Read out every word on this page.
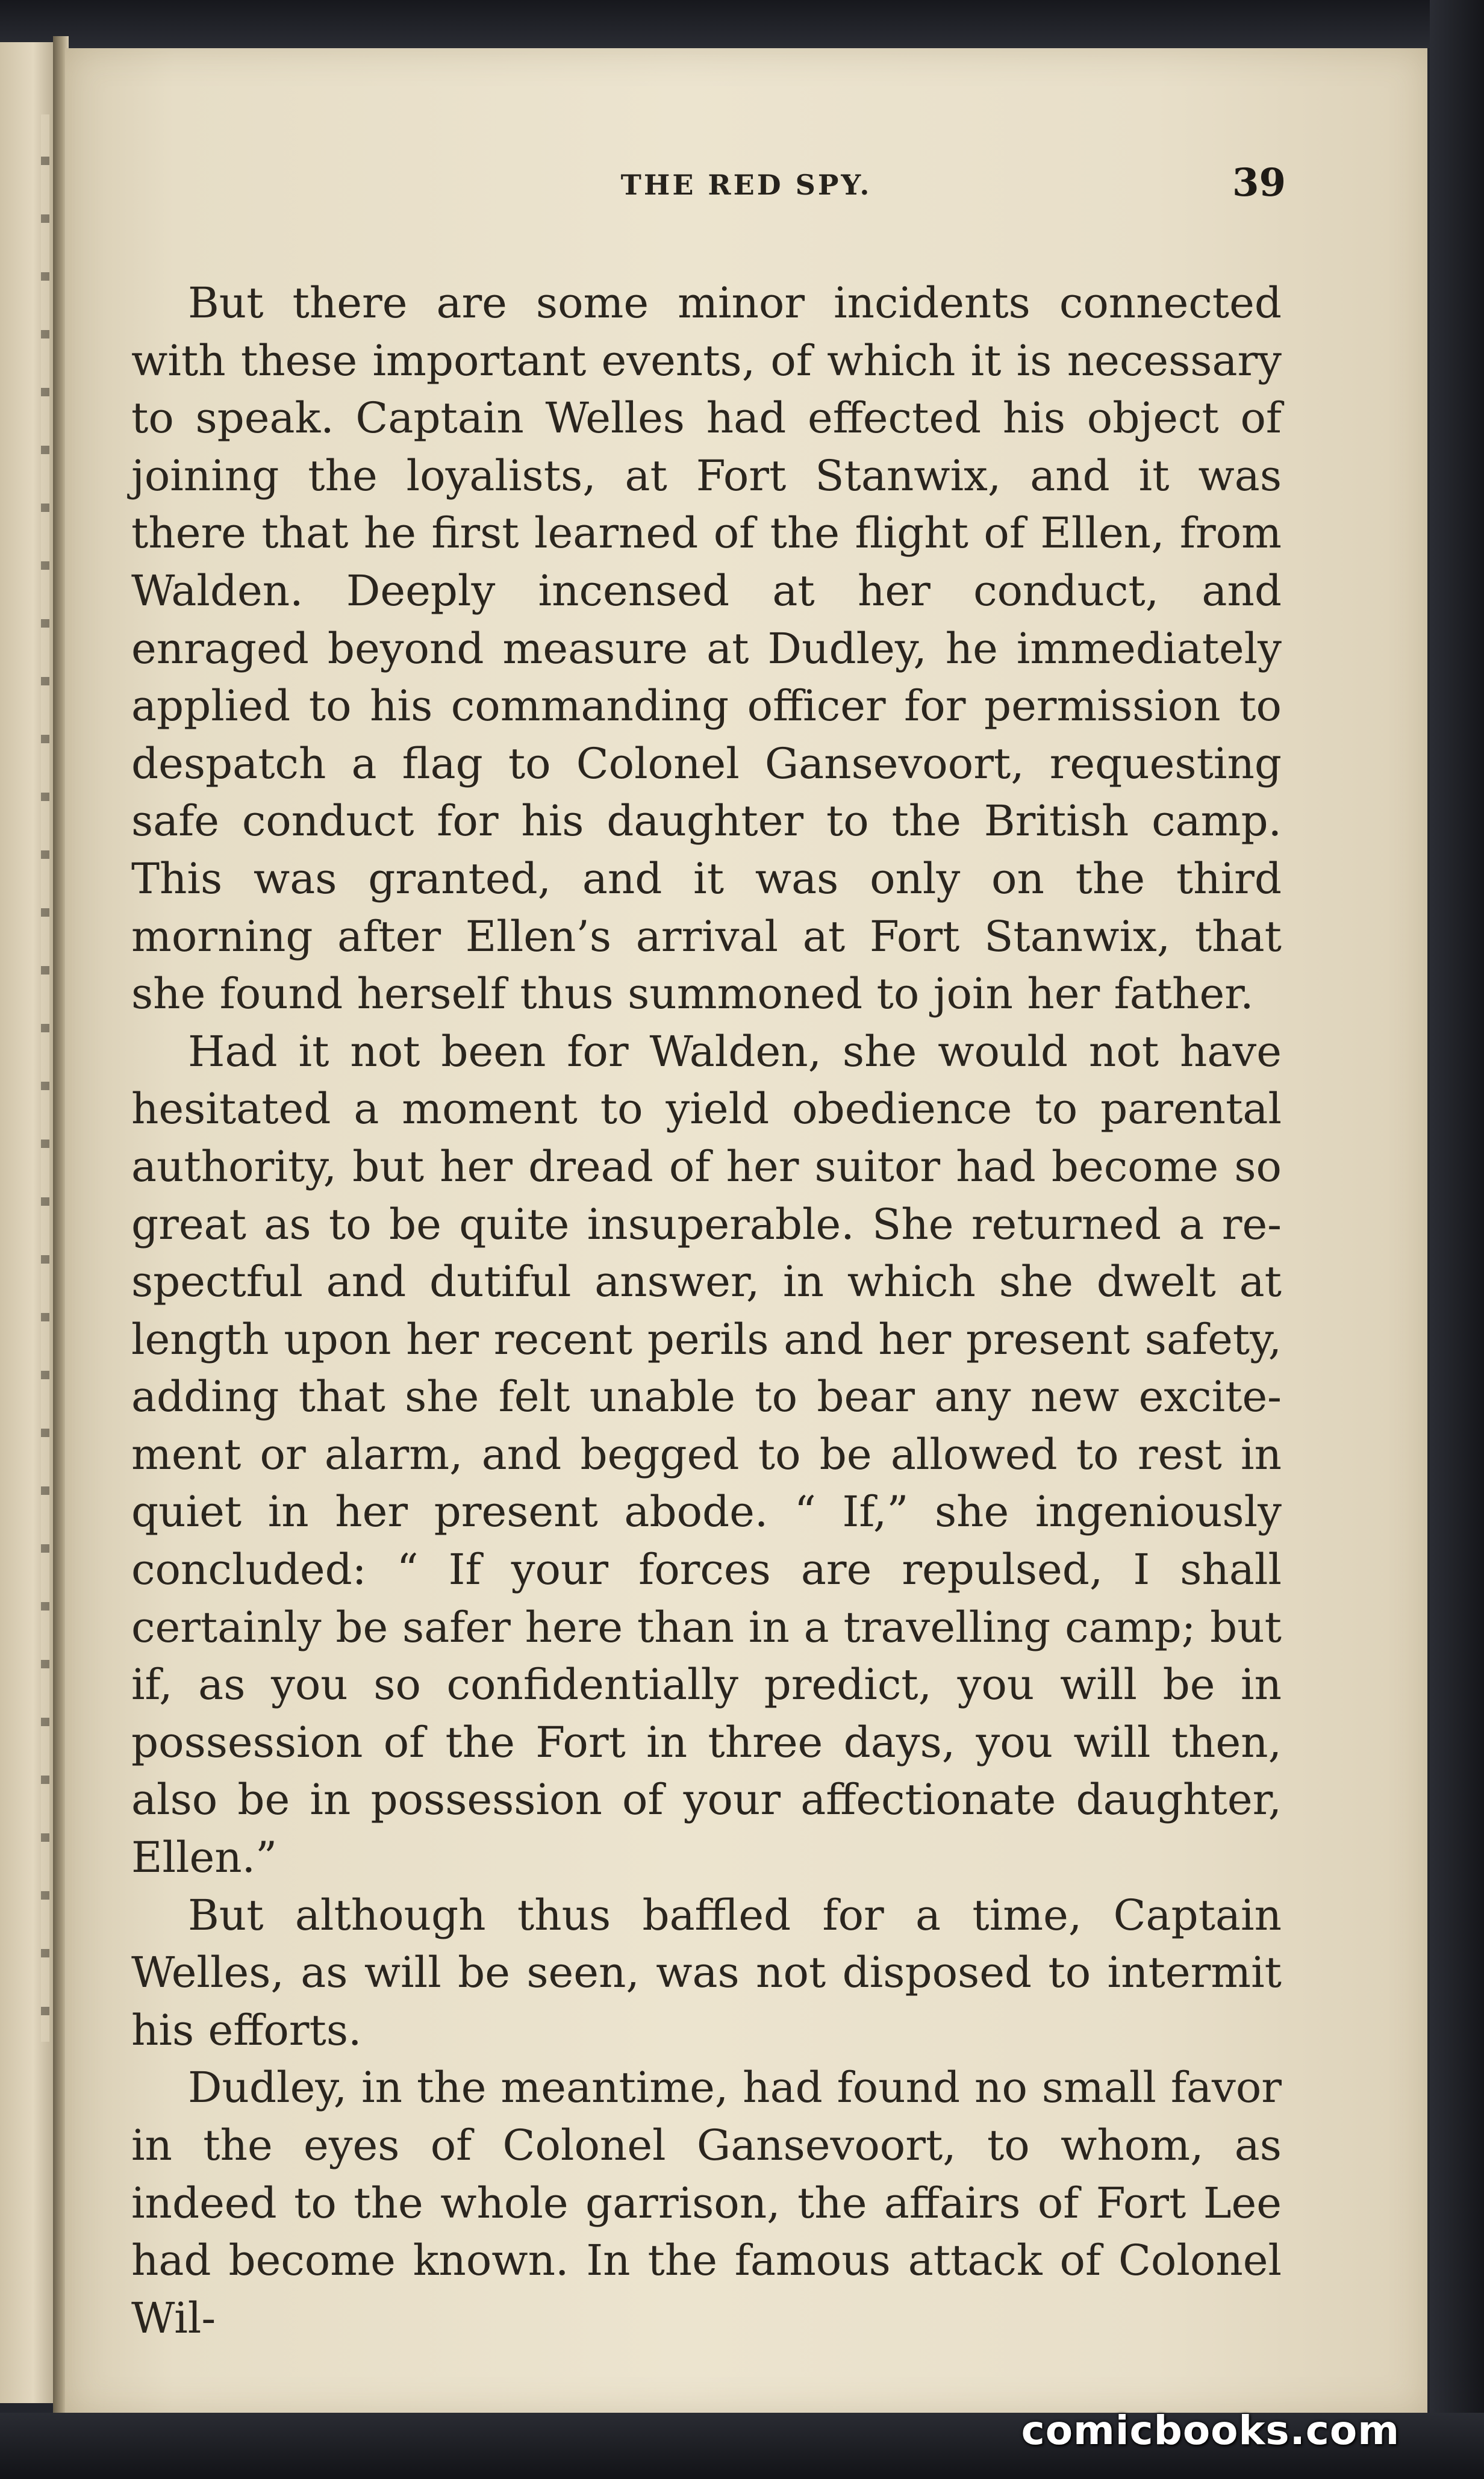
THE RED SPY.	39

But there are some minor incidents connected with these important events, of which it is necessary to speak. Captain Welles had effected his object of joining the loyalists, at Fort Stanwix, and it was there that he first learned of the flight of Ellen, from Walden. Deeply incensed at her conduct, and enraged beyond measure at Dudley, he immediately applied to his commanding officer for permission to despatch a flag to Colonel Gansevoort, requesting safe conduct for his daughter to the British camp. This was granted, and it was only on the third morning after Ellen’s arrival at Fort Stanwix, that she found herself thus summoned to join her father.

Had it not been for Walden, she would not have hesitated a moment to yield obedience to parental authority, but her dread of her suitor had become so great as to be quite insuperable. She returned a respectful and dutiful answer, in which she dwelt at length upon her recent perils and her present safety, adding that she felt unable to bear any new excitement or alarm, and begged to be allowed to rest in quiet in her present abode. “ If,” she ingeniously concluded: “ If your forces are repulsed, I shall certainly be safer here than in a travelling camp; but if, as you so confidentially predict, you will be in possession of the Fort in three days, you will then, also be in possession of your affectionate daughter, Ellen.”

But although thus baffled for a time, Captain Welles, as will be seen, was not disposed to intermit his efforts.

Dudley, in the meantime, had found no small favor in the eyes of Colonel Gansevoort, to whom, as indeed to the whole garrison, the affairs of Fort Lee had become known. In the famous attack of Colonel Wil-

comicbooks.com
